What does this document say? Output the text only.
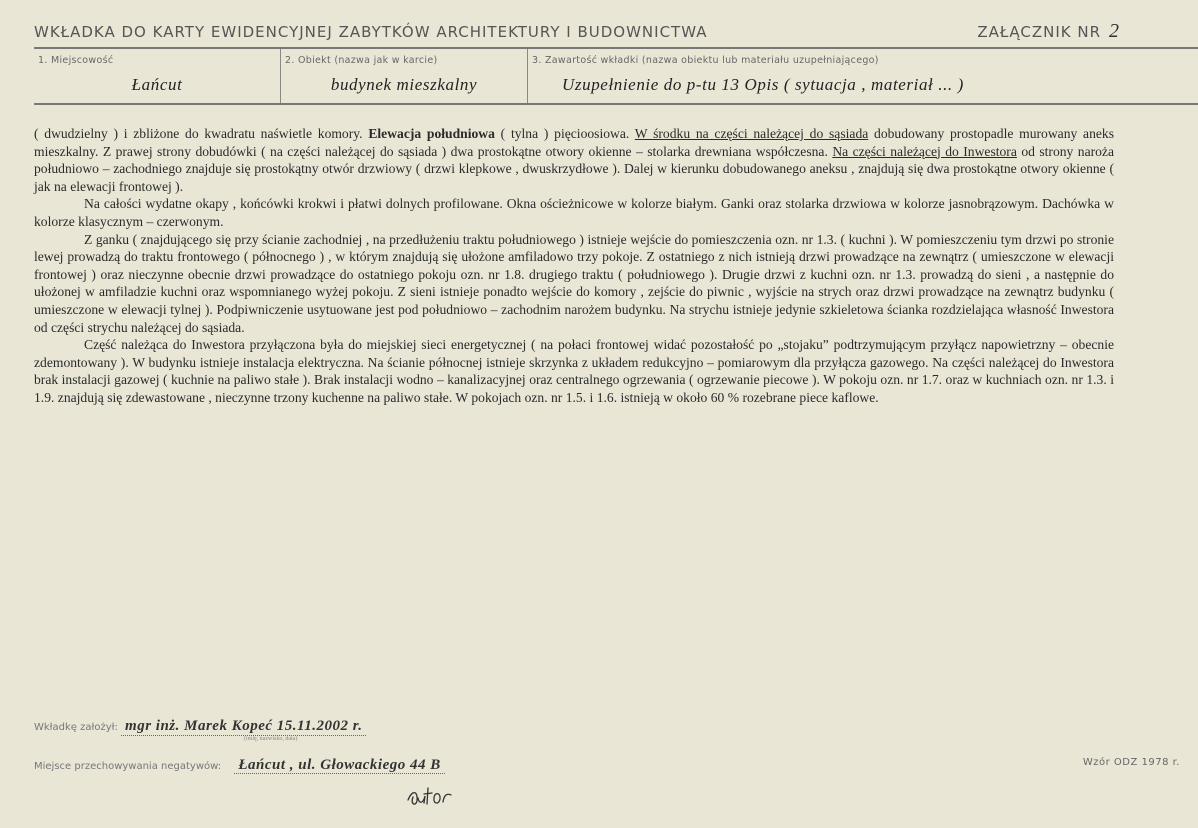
WKŁADKA DO KARTY EWIDENCYJNEJ ZABYTKÓW ARCHITEKTURY I BUDOWNICTWA	ZAŁĄCZNIK NR 2
1. Miejscowość
Łańcut
2. Obiekt (nazwa jak w karcie)
budynek mieszkalny
3. Zawartość wkładki (nazwa obiektu lub materiału uzupełniającego)
Uzupełnienie do p-tu 13 Opis ( sytuacja , materiał ... )

( dwudzielny ) i zbliżone do kwadratu naświetle komory. Elewacja południowa ( tylna ) pięcioosiowa. W środku na części należącej do sąsiada dobudowany prostopadle murowany aneks mieszkalny. Z prawej strony dobudówki ( na części należącej do sąsiada ) dwa prostokątne otwory okienne – stolarka drewniana współczesna. Na części należącej do Inwestora od strony naroża południowo – zachodniego znajduje się prostokątny otwór drzwiowy ( drzwi klepkowe , dwuskrzydłowe ). Dalej w kierunku dobudowanego aneksu , znajdują się dwa prostokątne otwory okienne ( jak na elewacji frontowej ).

Na całości wydatne okapy , końcówki krokwi i płatwi dolnych profilowane. Okna ościeżnicowe w kolorze białym. Ganki oraz stolarka drzwiowa w kolorze jasnobrązowym. Dachówka w kolorze klasycznym – czerwonym.

Z ganku ( znajdującego się przy ścianie zachodniej , na przedłużeniu traktu południowego ) istnieje wejście do pomieszczenia ozn. nr 1.3. ( kuchni ). W pomieszczeniu tym drzwi po stronie lewej prowadzą do traktu frontowego ( północnego ) , w którym znajdują się ułożone amfiladowo trzy pokoje. Z ostatniego z nich istnieją drzwi prowadzące na zewnątrz ( umieszczone w elewacji frontowej ) oraz nieczynne obecnie drzwi prowadzące do ostatniego pokoju ozn. nr 1.8. drugiego traktu ( południowego ). Drugie drzwi z kuchni ozn. nr 1.3. prowadzą do sieni , a następnie do ułożonej w amfiladzie kuchni oraz wspomnianego wyżej pokoju. Z sieni istnieje ponadto wejście do komory , zejście do piwnic , wyjście na strych oraz drzwi prowadzące na zewnątrz budynku ( umieszczone w elewacji tylnej ). Podpiwniczenie usytuowane jest pod południowo – zachodnim narożem budynku. Na strychu istnieje jedynie szkieletowa ścianka rozdzielająca własność Inwestora od części strychu należącej do sąsiada.

Część należąca do Inwestora przyłączona była do miejskiej sieci energetycznej ( na połaci frontowej widać pozostałość po „stojaku” podtrzymującym przyłącz napowietrzny – obecnie zdemontowany ). W budynku istnieje instalacja elektryczna. Na ścianie północnej istnieje skrzynka z układem redukcyjno – pomiarowym dla przyłącza gazowego. Na części należącej do Inwestora brak instalacji gazowej ( kuchnie na paliwo stałe ). Brak instalacji wodno – kanalizacyjnej oraz centralnego ogrzewania ( ogrzewanie piecowe ). W pokoju ozn. nr 1.7. oraz w kuchniach ozn. nr 1.3. i 1.9. znajdują się zdewastowane , nieczynne trzony kuchenne na paliwo stałe. W pokojach ozn. nr 1.5. i 1.6. istnieją w około 60 % rozebrane piece kaflowe.

Wkładkę założył: mgr inż. Marek Kopeć 15.11.2002 r.
(imię, nazwisko, data)
Miejsce przechowywania negatywów: Łańcut , ul. Głowackiego 44 B	Wzór ODZ 1978 r.
